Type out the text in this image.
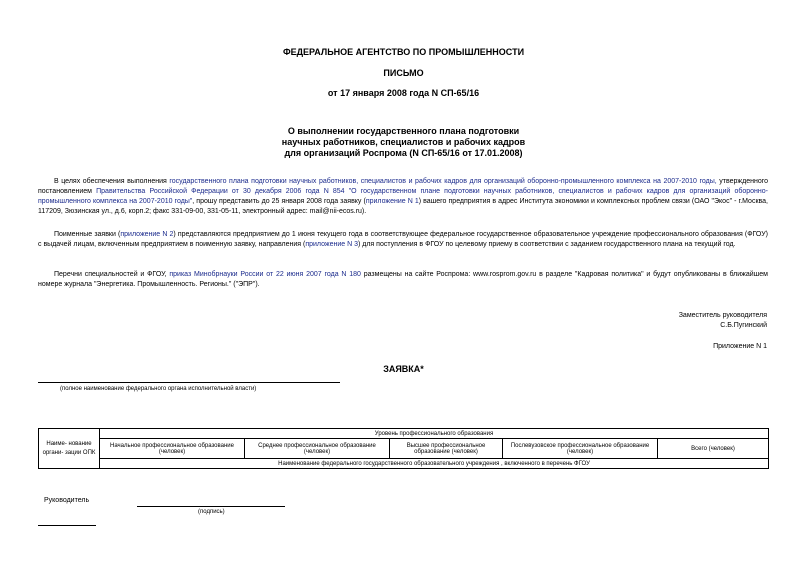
ФЕДЕРАЛЬНОЕ АГЕНТСТВО ПО ПРОМЫШЛЕННОСТИ
ПИСЬМО
от 17 января 2008 года N СП-65/16
О выполнении государственного плана подготовки
научных работников, специалистов и рабочих кадров
для организаций Роспрома (N СП-65/16 от 17.01.2008)
В целях обеспечения выполнения государственного плана подготовки научных работников, специалистов и рабочих кадров для организаций оборонно-промышленного комплекса на 2007-2010 годы, утвержденного постановлением Правительства Российской Федерации от 30 декабря 2006 года N 854 "О государственном плане подготовки научных работников, специалистов и рабочих кадров для организаций оборонно-промышленного комплекса на 2007-2010 годы", прошу представить до 25 января 2008 года заявку (приложение N 1) вашего предприятия в адрес Института экономики и комплексных проблем связи (ОАО "Экос" - г.Москва, 117209, Зюзинская ул., д.6, корп.2; факс 331-09-00, 331-05-11, электронный адрес: mail@nii-ecos.ru).
Поименные заявки (приложение N 2) представляются предприятием до 1 июня текущего года в соответствующее федеральное государственное образовательное учреждение профессионального образования (ФГОУ) с выдачей лицам, включенным предприятием в поименную заявку, направления (приложение N 3) для поступления в ФГОУ по целевому приему в соответствии с заданием государственного плана на текущий год.
Перечни специальностей и ФГОУ, приказ Минобрнауки России от 22 июня 2007 года N 180 размещены на сайте Роспрома: www.rosprom.gov.ru в разделе "Кадровая политика" и будут опубликованы в ближайшем номере журнала "Энергетика. Промышленность. Регионы." ("ЭПР").
Заместитель руководителя
С.Б.Пугинский
Приложение N 1
ЗАЯВКА*
(полное наименование федерального органа исполнительной власти)
Наиме- нование органи- зации ОПК	Уровень профессионального образования				
	Начальное профессиональное образование (человек)	Среднее профессиональное образование (человек)	Высшее профессиональное образование (человек)	Послевузовское профессиональное образование (человек)	Всего (человек)
	Наименование федерального государственного образовательного учреждения , включенного в перечень ФГОУ				
Руководитель
(подпись)
